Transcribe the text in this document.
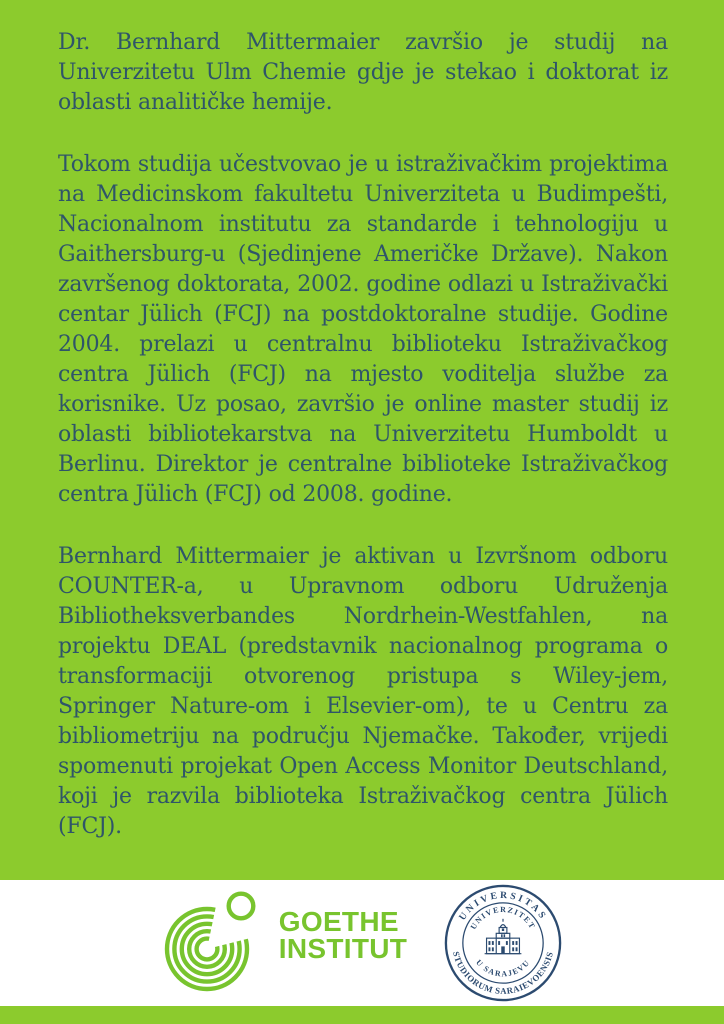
Dr. Bernhard Mittermaier završio je studij na Univerzitetu Ulm Chemie gdje je stekao i doktorat iz oblasti analitičke hemije.

Tokom studija učestvovao je u istraživačkim projektima na Medicinskom fakultetu Univerziteta u Budimpešti, Nacionalnom institutu za standarde i tehnologiju u Gaithersburg-u (Sjedinjene Američke Države). Nakon završenog doktorata, 2002. godine odlazi u Istraživački centar Jülich (FCJ) na postdoktoralne studije. Godine 2004. prelazi u centralnu biblioteku Istraživačkog centra Jülich (FCJ) na mjesto voditelja službe za korisnike. Uz posao, završio je online master studij iz oblasti bibliotekarstva na Univerzitetu Humboldt u Berlinu. Direktor je centralne biblioteke Istraživačkog centra Jülich (FCJ) od 2008. godine.

Bernhard Mittermaier je aktivan u Izvršnom odboru COUNTER-a, u Upravnom odboru Udruženja Bibliotheksverbandes Nordrhein-Westfahlen, na projektu DEAL (predstavnik nacionalnog programa o transformaciji otvorenog pristupa s Wiley-jem, Springer Nature-om i Elsevier-om), te u Centru za bibliometriju na području Njemačke. Također, vrijedi spomenuti projekat Open Access Monitor Deutschland, koji je razvila biblioteka Istraživačkog centra Jülich (FCJ).

GOETHE
INSTITUT
UNIVERSITAS
STUDIORUM SARAIEVOENSIS
UNIVERZITET
U SARAJEVU
